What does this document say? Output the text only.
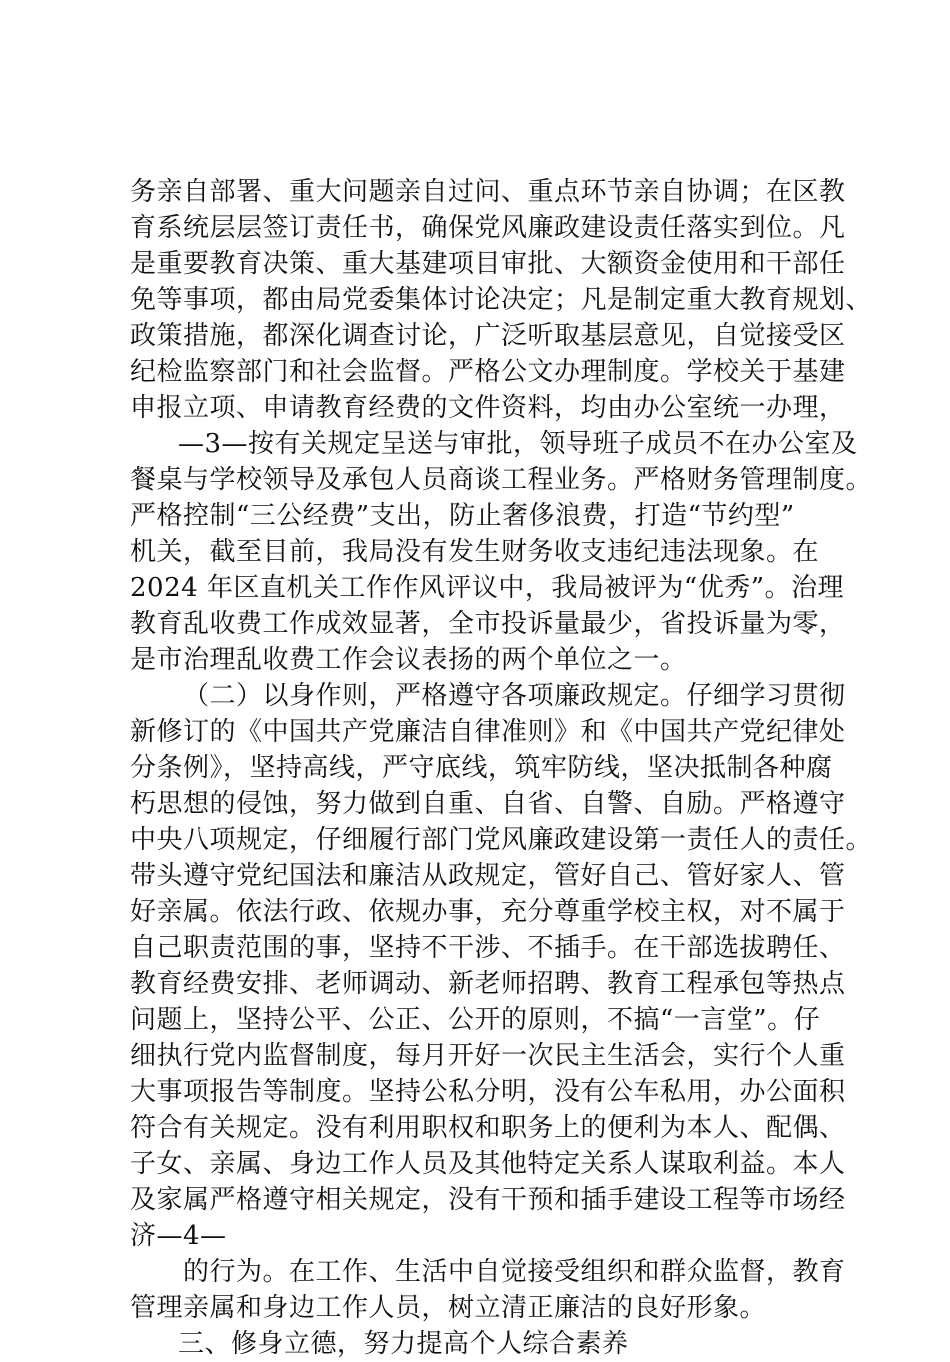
务亲自部署、重大问题亲自过问、重点环节亲自协调；在区教
育系统层层签订责任书，确保党风廉政建设责任落实到位。凡
是重要教育决策、重大基建项目审批、大额资金使用和干部任
免等事项，都由局党委集体讨论决定；凡是制定重大教育规划、
政策措施，都深化调查讨论，广泛听取基层意见，自觉接受区
纪检监察部门和社会监督。严格公文办理制度。学校关于基建
申报立项、申请教育经费的文件资料，均由办公室统一办理，
—3—按有关规定呈送与审批，领导班子成员不在办公室及
餐桌与学校领导及承包人员商谈工程业务。严格财务管理制度。
严格控制“三公经费”支出，防止奢侈浪费，打造“节约型”
机关，截至目前，我局没有发生财务收支违纪违法现象。在
2024 年区直机关工作作风评议中，我局被评为“优秀”。治理
教育乱收费工作成效显著，全市投诉量最少，省投诉量为零，
是市治理乱收费工作会议表扬的两个单位之一。
（二）以身作则，严格遵守各项廉政规定。仔细学习贯彻
新修订的《中国共产党廉洁自律准则》和《中国共产党纪律处
分条例》，坚持高线，严守底线，筑牢防线，坚决抵制各种腐
朽思想的侵蚀，努力做到自重、自省、自警、自励。严格遵守
中央八项规定，仔细履行部门党风廉政建设第一责任人的责任。
带头遵守党纪国法和廉洁从政规定，管好自己、管好家人、管
好亲属。依法行政、依规办事，充分尊重学校主权，对不属于
自己职责范围的事，坚持不干涉、不插手。在干部选拔聘任、
教育经费安排、老师调动、新老师招聘、教育工程承包等热点
问题上，坚持公平、公正、公开的原则，不搞“一言堂”。仔
细执行党内监督制度，每月开好一次民主生活会，实行个人重
大事项报告等制度。坚持公私分明，没有公车私用，办公面积
符合有关规定。没有利用职权和职务上的便利为本人、配偶、
子女、亲属、身边工作人员及其他特定关系人谋取利益。本人
及家属严格遵守相关规定，没有干预和插手建设工程等市场经
济—4—
的行为。在工作、生活中自觉接受组织和群众监督，教育
管理亲属和身边工作人员，树立清正廉洁的良好形象。
三、修身立德，努力提高个人综合素养
